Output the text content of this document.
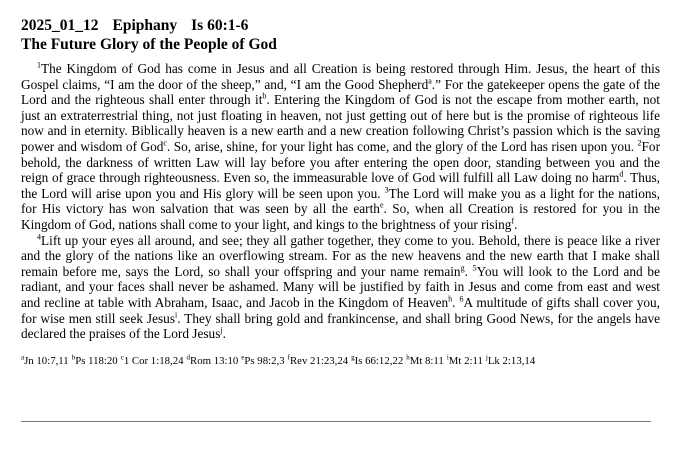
2025_01_12 Epiphany Is 60:1-6
The Future Glory of the People of God

$^1$The Kingdom of God has come in Jesus and all Creation is being restored through Him. Jesus, the heart of this Gospel claims, “I am the door of the sheep,” and, “I am the Good Shepherd$^a$.” For the gatekeeper opens the gate of the Lord and the righteous shall enter through $it^b$. Entering the Kingdom of God is not the escape from mother earth, not just an extraterrestrial thing, not just floating in heaven, not just getting out of here but is the promise of righteous life now and in eternity. Biblically heaven is a new earth and a new creation following Christ’s passion which is the saving power and wisdom of God$^c$. So, arise, shine, for your light has come, and the glory of the Lord has risen upon you. $^2$For behold, the darkness of written Law will lay before you after entering the open door, standing between you and the reign of grace through righteousness. Even so, the immeasurable love of God will fulfill all Law doing no harm$^d$. Thus, the Lord will arise upon you and His glory will be seen upon you. $^3$The Lord will make you as a light for the nations, for His victory has won salvation that was seen by all the earth$^e$. So, when all Creation is restored for you in the Kingdom of God, nations shall come to your light, and kings to the brightness of your rising$^f$.

$^4$Lift up your eyes all around, and see; they all gather together, they come to you. Behold, there is peace like a river and the glory of the nations like an overflowing stream. For as the new heavens and the new earth that I make shall remain before me, says the Lord, so shall your offspring and your name remain$^g$. $^5$You will look to the Lord and be radiant, and your faces shall never be ashamed. Many will be justified by faith in Jesus and come from east and west and recline at table with Abraham, Isaac, and Jacob in the Kingdom of Heaven$^h$. $^6$A multitude of gifts shall cover you, for wise men still seek Jesus$^i$. They shall bring gold and frankincense, and shall bring Good News, for the angels have declared the praises of the Lord Jesus$^j$.

$^a$Jn 10:7,11 $^b$Ps 118:20 $^c$1 Cor 1:18,24 $^d$Rom 13:10 $^e$Ps 98:2,3 $^f$Rev 21:23,24 $^g$Is 66:12,22 $^h$Mt 8:11 $^i$Mt 2:11 $^j$Lk 2:13,14
